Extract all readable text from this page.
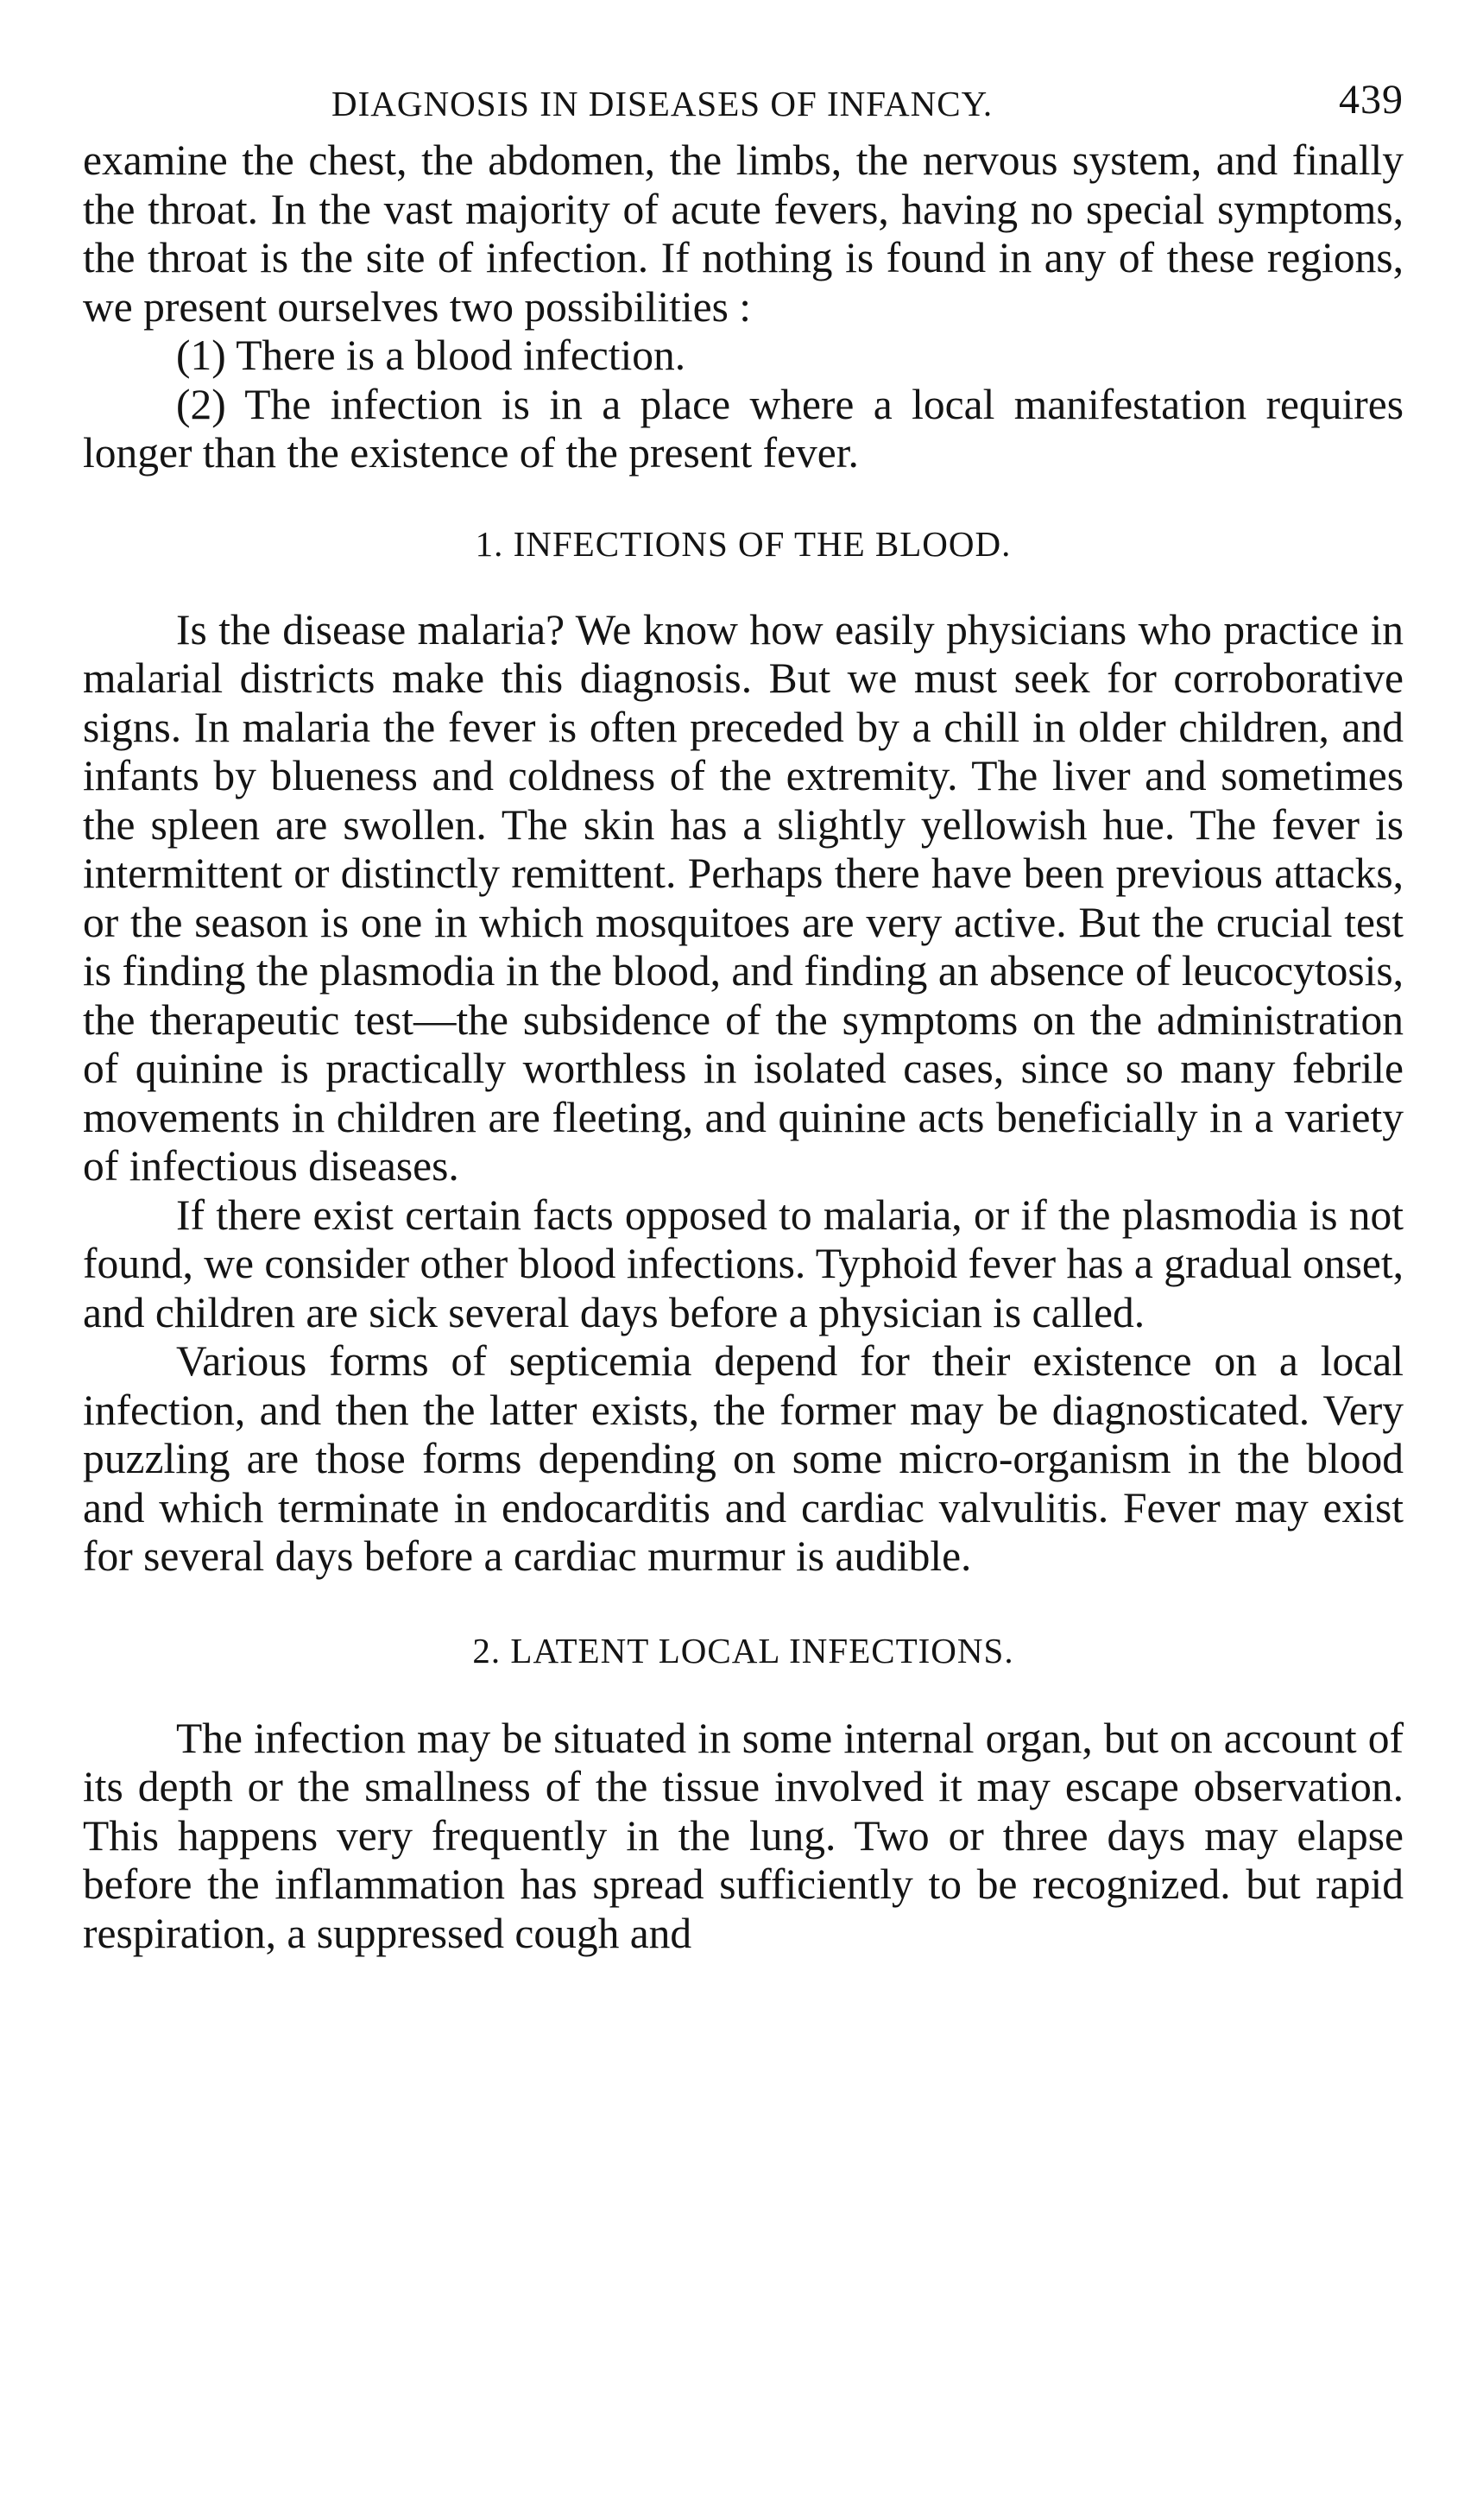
DIAGNOSIS IN DISEASES OF INFANCY.	439

examine the chest, the abdomen, the limbs, the nervous system, and finally the throat. In the vast majority of acute fevers, having no special symptoms, the throat is the site of infection. If nothing is found in any of these regions, we present ourselves two possibilities :

(1) There is a blood infection.
(2) The infection is in a place where a local manifestation requires longer than the existence of the present fever.
1. INFECTIONS OF THE BLOOD.

Is the disease malaria? We know how easily physicians who practice in malarial districts make this diagnosis. But we must seek for corroborative signs. In malaria the fever is often preceded by a chill in older children, and infants by blueness and coldness of the extremity. The liver and sometimes the spleen are swollen. The skin has a slightly yellowish hue. The fever is intermittent or distinctly remittent. Perhaps there have been previous attacks, or the season is one in which mosquitoes are very active. But the crucial test is finding the plasmodia in the blood, and finding an absence of leucocytosis, the therapeutic test—the subsidence of the symptoms on the administration of quinine is practically worthless in isolated cases, since so many febrile movements in children are fleeting, and quinine acts beneficially in a variety of infectious diseases.

If there exist certain facts opposed to malaria, or if the plasmodia is not found, we consider other blood infections. Typhoid fever has a gradual onset, and children are sick several days before a physician is called.

Various forms of septicemia depend for their existence on a local infection, and then the latter exists, the former may be diagnosticated. Very puzzling are those forms depending on some micro-organism in the blood and which terminate in endocarditis and cardiac valvulitis. Fever may exist for several days before a cardiac murmur is audible.

2. LATENT LOCAL INFECTIONS.

The infection may be situated in some internal organ, but on account of its depth or the smallness of the tissue involved it may escape observation. This happens very frequently in the lung. Two or three days may elapse before the inflammation has spread sufficiently to be recognized. but rapid respiration, a suppressed cough and
